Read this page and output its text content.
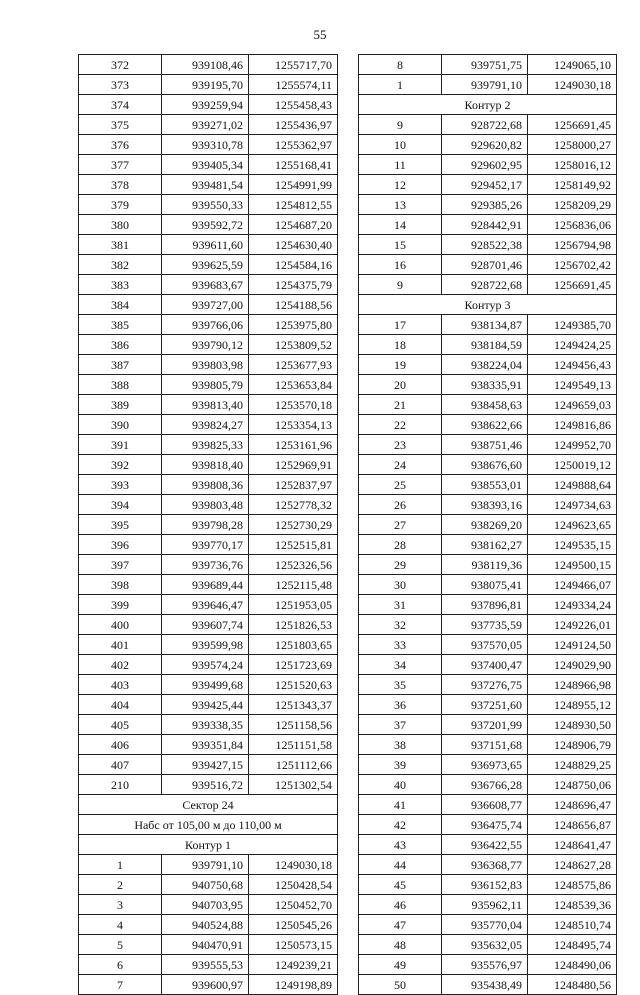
55
372	939108,46	1255717,70
373	939195,70	1255574,11
374	939259,94	1255458,43
375	939271,02	1255436,97
376	939310,78	1255362,97
377	939405,34	1255168,41
378	939481,54	1254991,99
379	939550,33	1254812,55
380	939592,72	1254687,20
381	939611,60	1254630,40
382	939625,59	1254584,16
383	939683,67	1254375,79
384	939727,00	1254188,56
385	939766,06	1253975,80
386	939790,12	1253809,52
387	939803,98	1253677,93
388	939805,79	1253653,84
389	939813,40	1253570,18
390	939824,27	1253354,13
391	939825,33	1253161,96
392	939818,40	1252969,91
393	939808,36	1252837,97
394	939803,48	1252778,32
395	939798,28	1252730,29
396	939770,17	1252515,81
397	939736,76	1252326,56
398	939689,44	1252115,48
399	939646,47	1251953,05
400	939607,74	1251826,53
401	939599,98	1251803,65
402	939574,24	1251723,69
403	939499,68	1251520,63
404	939425,44	1251343,37
405	939338,35	1251158,56
406	939351,84	1251151,58
407	939427,15	1251112,66
210	939516,72	1251302,54
Сектор 24		
Набс от 105,00 м до 110,00 м		
Контур 1		
1	939791,10	1249030,18
2	940750,68	1250428,54
3	940703,95	1250452,70
4	940524,88	1250545,26
5	940470,91	1250573,15
6	939555,53	1249239,21
7	939600,97	1249198,89
8	939751,75	1249065,10
1	939791,10	1249030,18
Контур 2		
9	928722,68	1256691,45
10	929620,82	1258000,27
11	929602,95	1258016,12
12	929452,17	1258149,92
13	929385,26	1258209,29
14	928442,91	1256836,06
15	928522,38	1256794,98
16	928701,46	1256702,42
9	928722,68	1256691,45
Контур 3		
17	938134,87	1249385,70
18	938184,59	1249424,25
19	938224,04	1249456,43
20	938335,91	1249549,13
21	938458,63	1249659,03
22	938622,66	1249816,86
23	938751,46	1249952,70
24	938676,60	1250019,12
25	938553,01	1249888,64
26	938393,16	1249734,63
27	938269,20	1249623,65
28	938162,27	1249535,15
29	938119,36	1249500,15
30	938075,41	1249466,07
31	937896,81	1249334,24
32	937735,59	1249226,01
33	937570,05	1249124,50
34	937400,47	1249029,90
35	937276,75	1248966,98
36	937251,60	1248955,12
37	937201,99	1248930,50
38	937151,68	1248906,79
39	936973,65	1248829,25
40	936766,28	1248750,06
41	936608,77	1248696,47
42	936475,74	1248656,87
43	936422,55	1248641,47
44	936368,77	1248627,28
45	936152,83	1248575,86
46	935962,11	1248539,36
47	935770,04	1248510,74
48	935632,05	1248495,74
49	935576,97	1248490,06
50	935438,49	1248480,56
